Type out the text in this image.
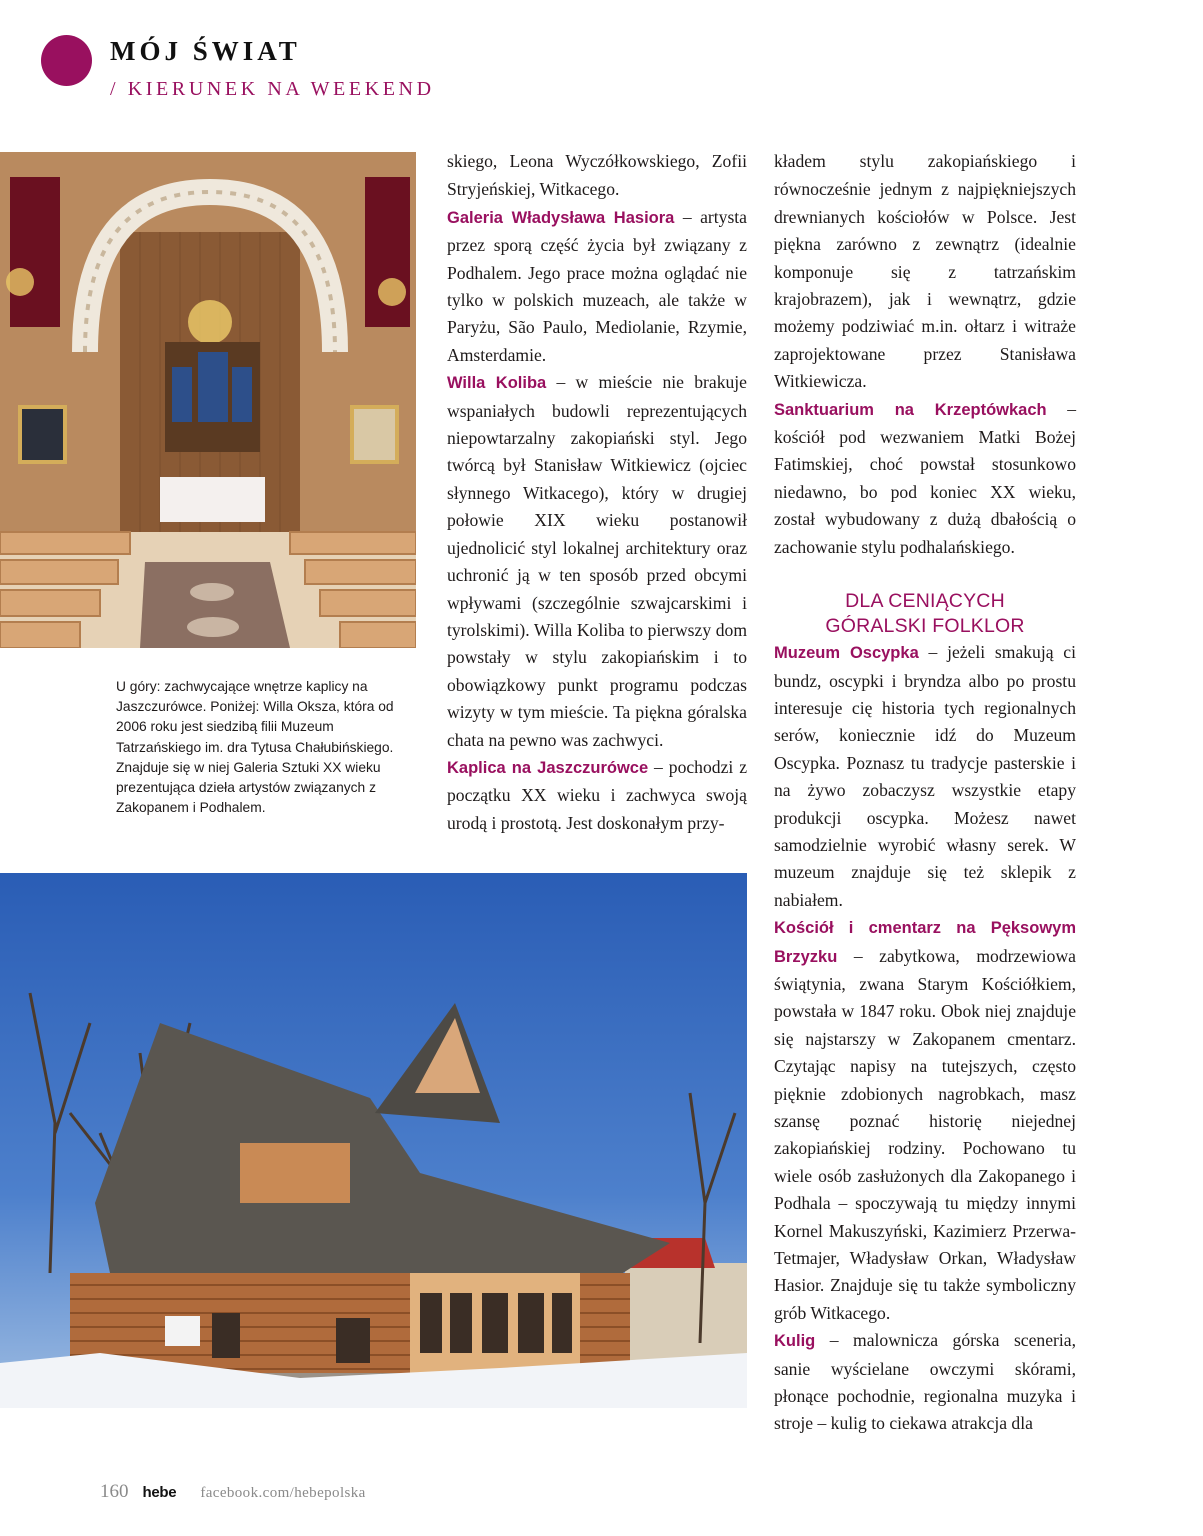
MÓJ ŚWIAT
/ KIERUNEK NA WEEKEND
U góry: zachwycające wnętrze kaplicy na Jaszczurówce. Poniżej: Willa Oksza, która od 2006 roku jest siedzibą filii Muzeum Tatrzańskiego im. dra Tytusa Chałubińskiego. Znajduje się w niej Galeria Sztuki XX wieku prezentująca dzieła artystów związanych z Zakopanem i Podhalem.

skiego, Leona Wyczółkowskiego, Zofii Stryjeńskiej, Witkacego.

Galeria Władysława Hasiora – artysta przez sporą część życia był związany z Podhalem. Jego prace można oglądać nie tylko w polskich muzeach, ale także w Paryżu, São Paulo, Mediolanie, Rzymie, Amsterdamie.

Willa Koliba – w mieście nie brakuje wspaniałych budowli reprezentujących niepowtarzalny zakopiański styl. Jego twórcą był Stanisław Witkiewicz (ojciec słynnego Witkacego), który w drugiej połowie XIX wieku postanowił ujednolicić styl lokalnej architektury oraz uchronić ją w ten sposób przed obcymi wpływami (szczególnie szwajcarskimi i tyrolskimi). Willa Koliba to pierwszy dom powstały w stylu zakopiańskim i to obowiązkowy punkt programu podczas wizyty w tym mieście. Ta piękna góralska chata na pewno was zachwyci.

Kaplica na Jaszczurówce – pochodzi z początku XX wieku i zachwyca swoją urodą i prostotą. Jest doskonałym przy-

kładem stylu zakopiańskiego i równocześnie jednym z najpiękniejszych drewnianych kościołów w Polsce. Jest piękna zarówno z zewnątrz (idealnie komponuje się z tatrzańskim krajobrazem), jak i wewnątrz, gdzie możemy podziwiać m.in. ołtarz i witraże zaprojektowane przez Stanisława Witkiewicza.

Sanktuarium na Krzeptówkach – kościół pod wezwaniem Matki Bożej Fatimskiej, choć powstał stosunkowo niedawno, bo pod koniec XX wieku, został wybudowany z dużą dbałością o zachowanie stylu podhalańskiego.

DLA CENIĄCYCH
GÓRALSKI FOLKLOR

Muzeum Oscypka – jeżeli smakują ci bundz, oscypki i bryndza albo po prostu interesuje cię historia tych regionalnych serów, koniecznie idź do Muzeum Oscypka. Poznasz tu tradycje pasterskie i na żywo zobaczysz wszystkie etapy produkcji oscypka. Możesz nawet samodzielnie wyrobić własny serek. W muzeum znajduje się też sklepik z nabiałem.

Kościół i cmentarz na Pęksowym Brzyzku – zabytkowa, modrzewiowa świątynia, zwana Starym Kościółkiem, powstała w 1847 roku. Obok niej znajduje się najstarszy w Zakopanem cmentarz. Czytając napisy na tutejszych, często pięknie zdobionych nagrobkach, masz szansę poznać historię niejednej zakopiańskiej rodziny. Pochowano tu wiele osób zasłużonych dla Zakopanego i Podhala – spoczywają tu między innymi Kornel Makuszyński, Kazimierz Przerwa-Tetmajer, Władysław Orkan, Władysław Hasior. Znajduje się tu także symboliczny grób Witkacego.

Kulig – malownicza górska sceneria, sanie wyścielane owczymi skórami, płonące pochodnie, regionalna muzyka i stroje – kulig to ciekawa atrakcja dla

160 hebe facebook.com/hebepolska
